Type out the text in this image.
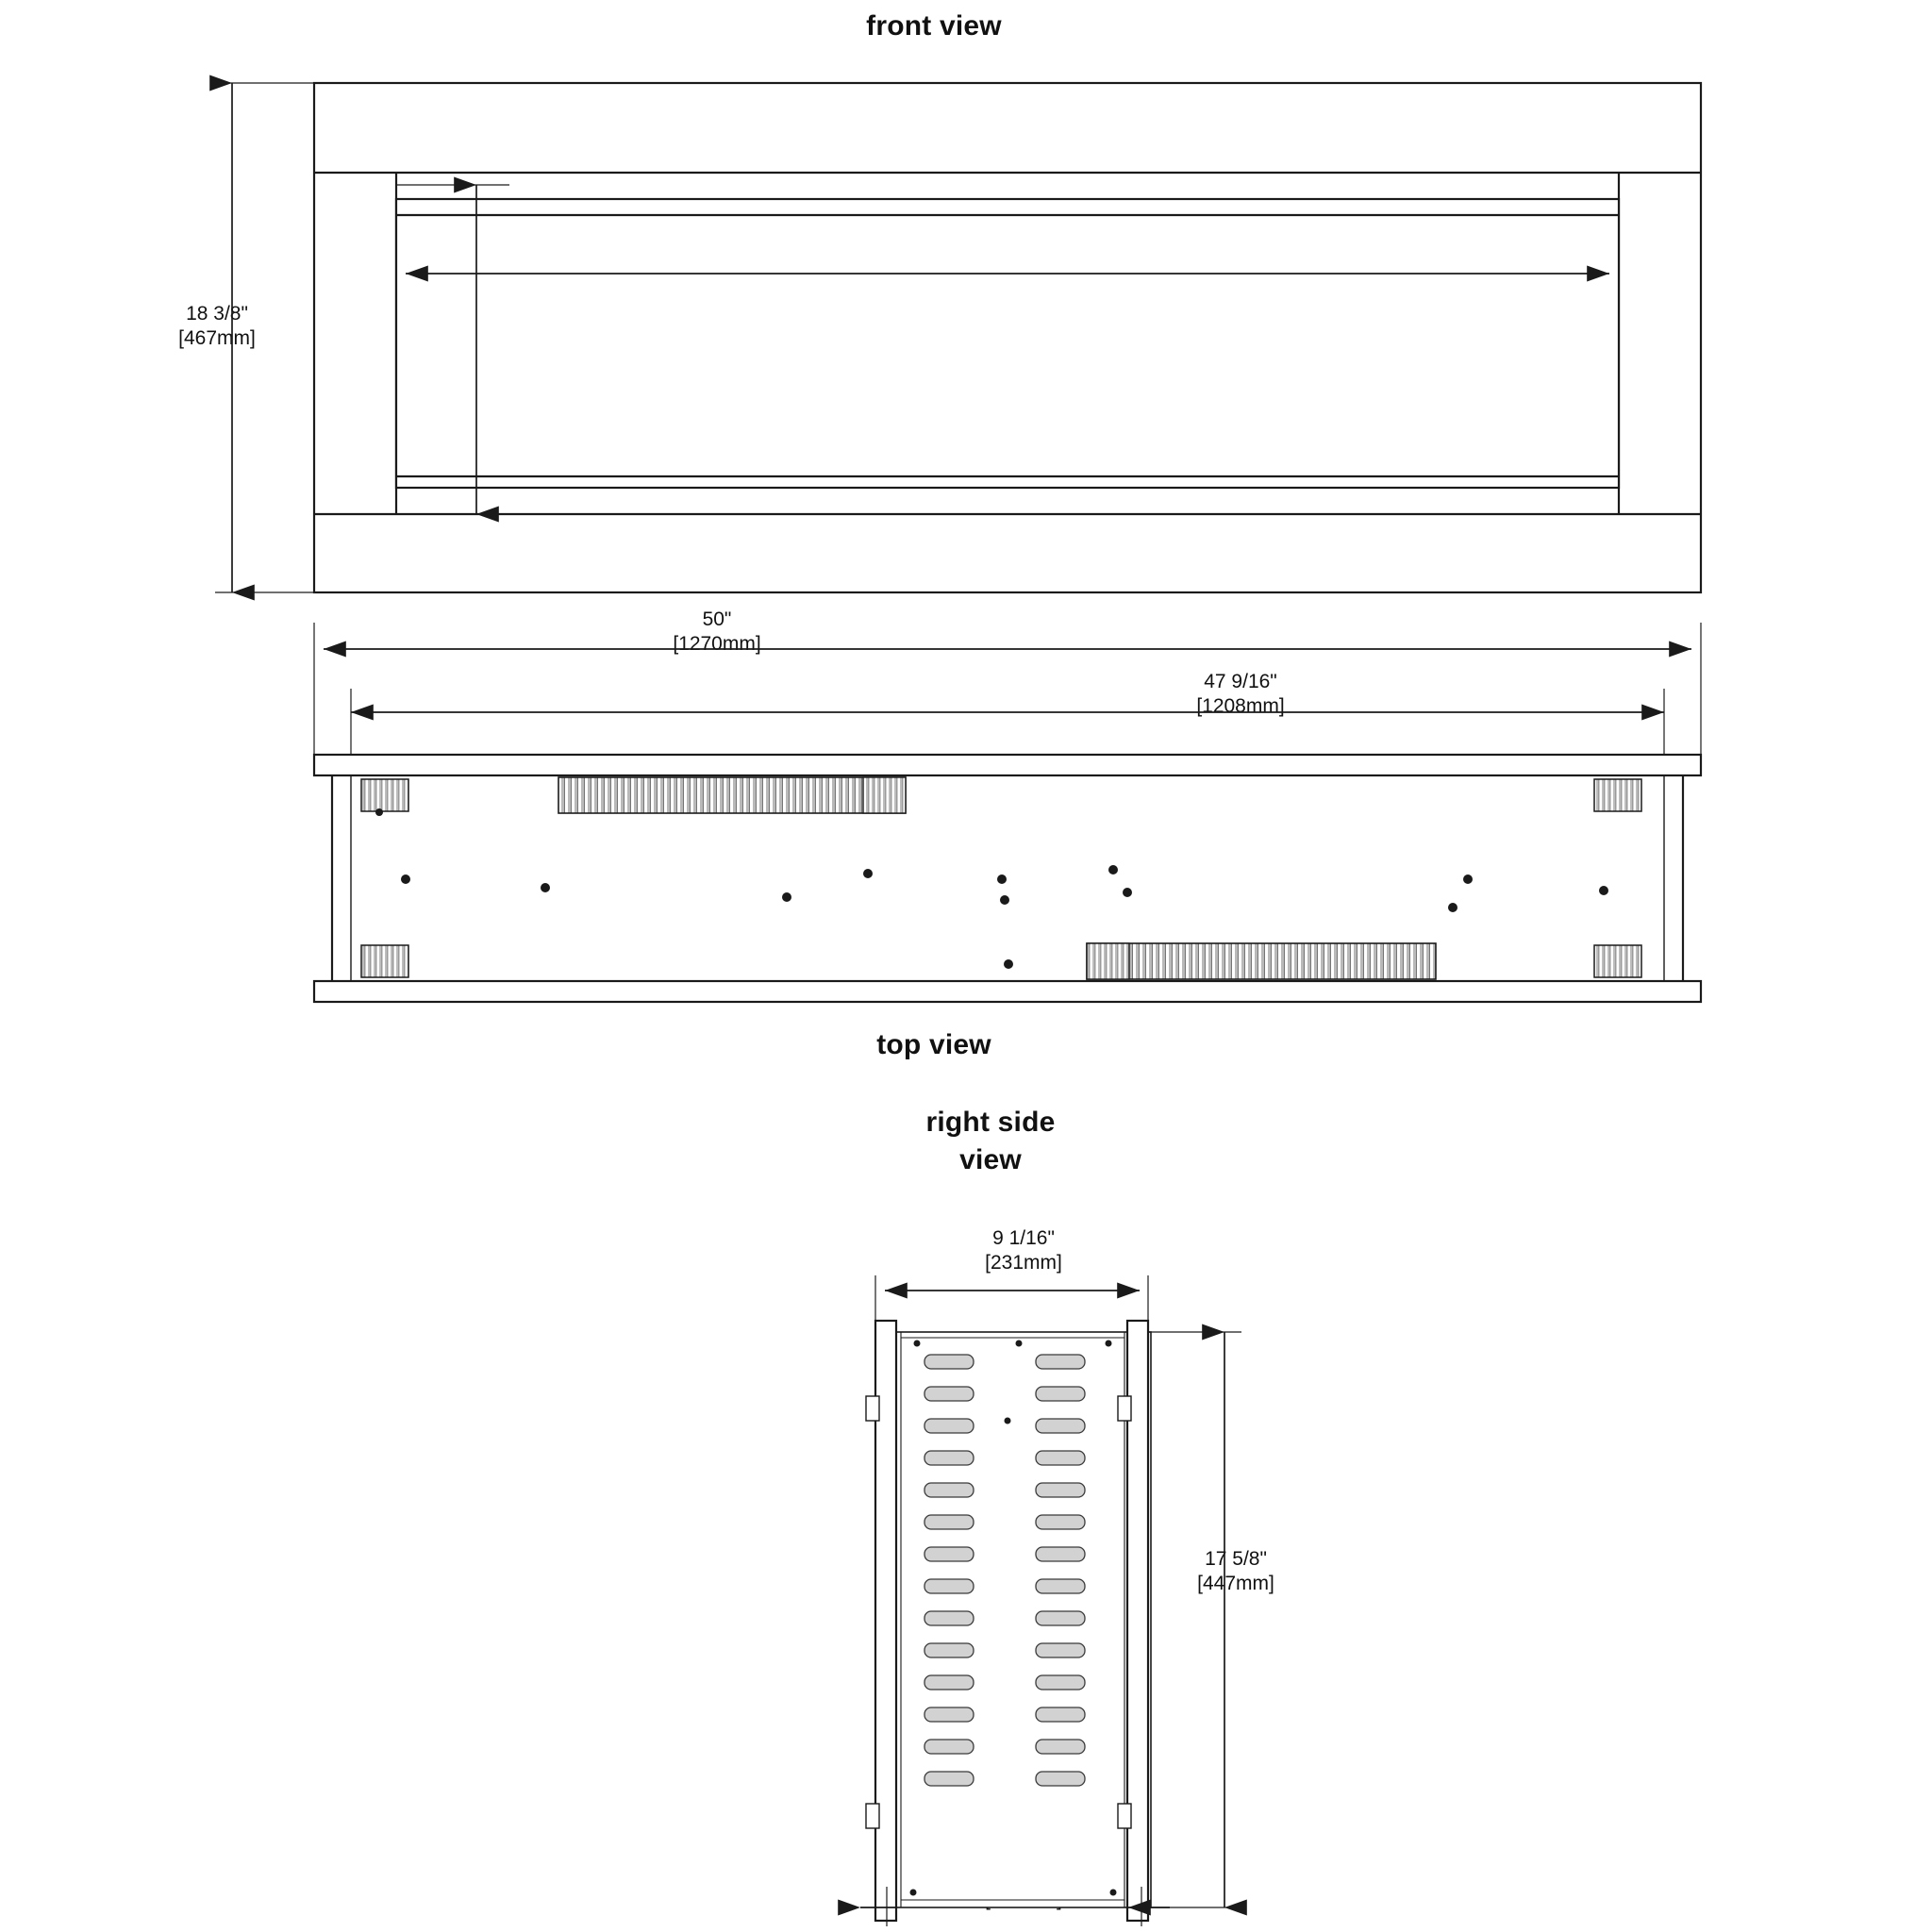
front view
top view
right side
view
18 3/8"
[467mm]
50"
[1270mm]
47 9/16"
[1208mm]
9 1/16"
[231mm]
17 5/8"
[447mm]
